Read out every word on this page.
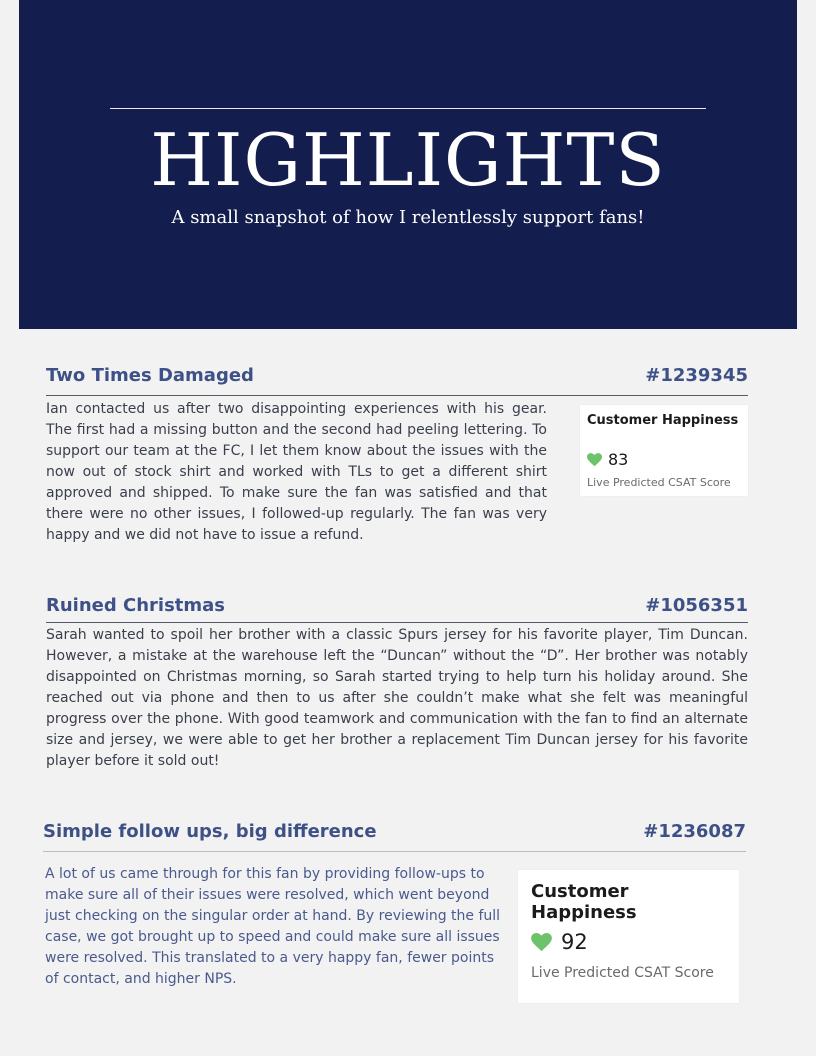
HIGHLIGHTS
A small snapshot of how I relentlessly support fans!
Two Times Damaged	#1239345

Ian contacted us after two disappointing experiences with his gear. The first had a missing button and the second had peeling lettering. To support our team at the FC, I let them know about the issues with the now out of stock shirt and worked with TLs to get a different shirt approved and shipped. To make sure the fan was satisfied and that there were no other issues, I followed-up regularly. The fan was very happy and we did not have to issue a refund.

Customer Happiness
83
Live Predicted CSAT Score
Ruined Christmas	#1056351

Sarah wanted to spoil her brother with a classic Spurs jersey for his favorite player, Tim Duncan. However, a mistake at the warehouse left the “Duncan” without the “D”. Her brother was notably disappointed on Christmas morning, so Sarah started trying to help turn his holiday around. She reached out via phone and then to us after she couldn’t make what she felt was meaningful progress over the phone. With good teamwork and communication with the fan to find an alternate size and jersey, we were able to get her brother a replacement Tim Duncan jersey for his favorite player before it sold out!

Simple follow ups, big difference	#1236087

A lot of us came through for this fan by providing follow-ups to make sure all of their issues were resolved, which went beyond just checking on the singular order at hand. By reviewing the full case, we got brought up to speed and could make sure all issues were resolved. This translated to a very happy fan, fewer points of contact, and higher NPS.

Customer Happiness
92
Live Predicted CSAT Score
